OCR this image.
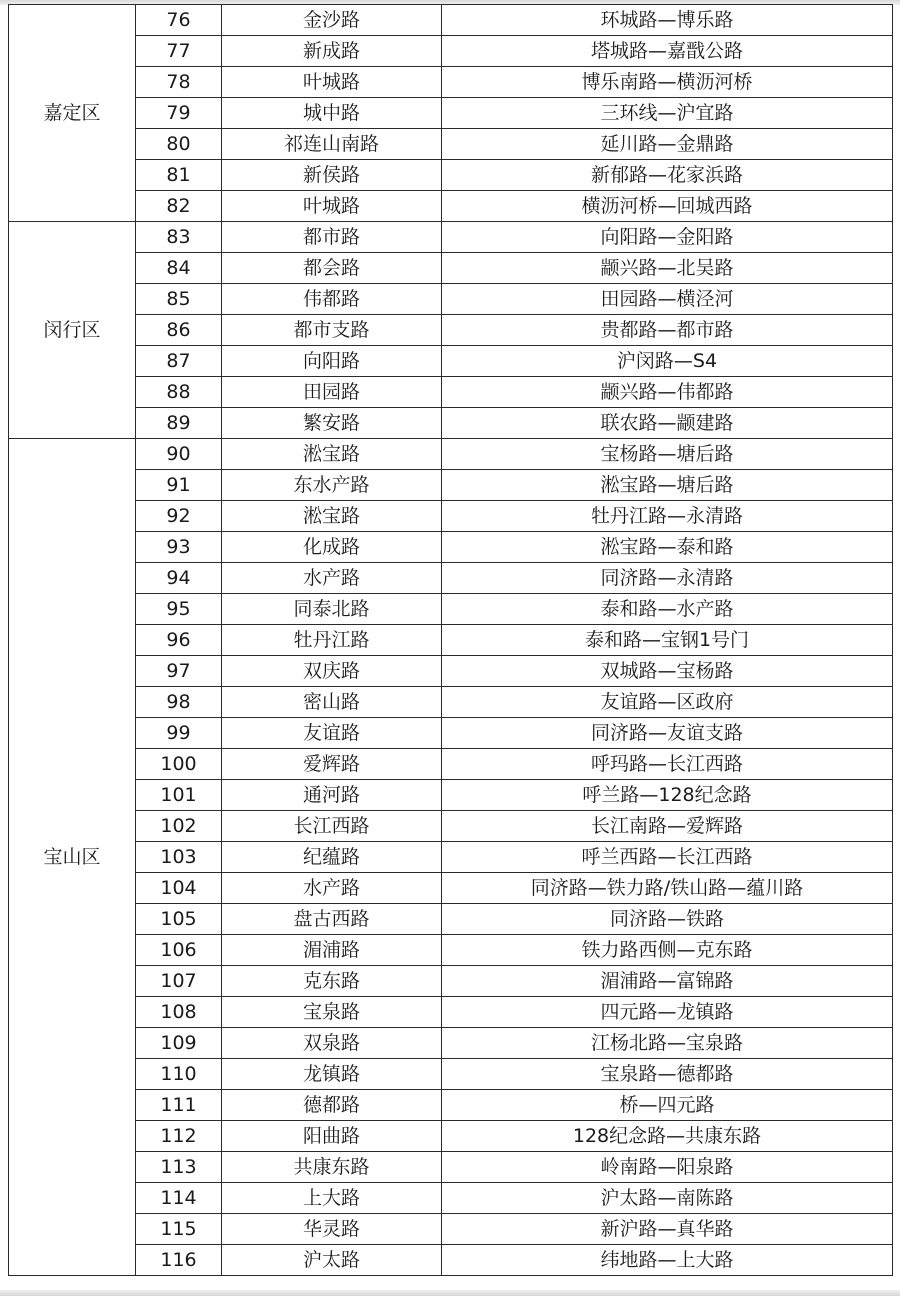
嘉定区	76	金沙路	环城路—博乐路
	77	新成路	塔城路—嘉戬公路
	78	叶城路	博乐南路—横沥河桥
	79	城中路	三环线—沪宜路
	80	祁连山南路	延川路—金鼎路
	81	新侯路	新郁路—花家浜路
	82	叶城路	横沥河桥—回城西路
闵行区	83	都市路	向阳路—金阳路
	84	都会路	颛兴路—北吴路
	85	伟都路	田园路—横泾河
	86	都市支路	贵都路—都市路
	87	向阳路	沪闵路—S4
	88	田园路	颛兴路—伟都路
	89	繁安路	联农路—颛建路
宝山区	90	淞宝路	宝杨路—塘后路
	91	东水产路	淞宝路—塘后路
	92	淞宝路	牡丹江路—永清路
	93	化成路	淞宝路—泰和路
	94	水产路	同济路—永清路
	95	同泰北路	泰和路—水产路
	96	牡丹江路	泰和路—宝钢1号门
	97	双庆路	双城路—宝杨路
	98	密山路	友谊路—区政府
	99	友谊路	同济路—友谊支路
	100	爱辉路	呼玛路—长江西路
	101	通河路	呼兰路—128纪念路
	102	长江西路	长江南路—爱辉路
	103	纪蕴路	呼兰西路—长江西路
	104	水产路	同济路—铁力路/铁山路—蕴川路
	105	盘古西路	同济路—铁路
	106	湄浦路	铁力路西侧—克东路
	107	克东路	湄浦路—富锦路
	108	宝泉路	四元路—龙镇路
	109	双泉路	江杨北路—宝泉路
	110	龙镇路	宝泉路—德都路
	111	德都路	桥—四元路
	112	阳曲路	128纪念路—共康东路
	113	共康东路	岭南路—阳泉路
	114	上大路	沪太路—南陈路
	115	华灵路	新沪路—真华路
	116	沪太路	纬地路—上大路
